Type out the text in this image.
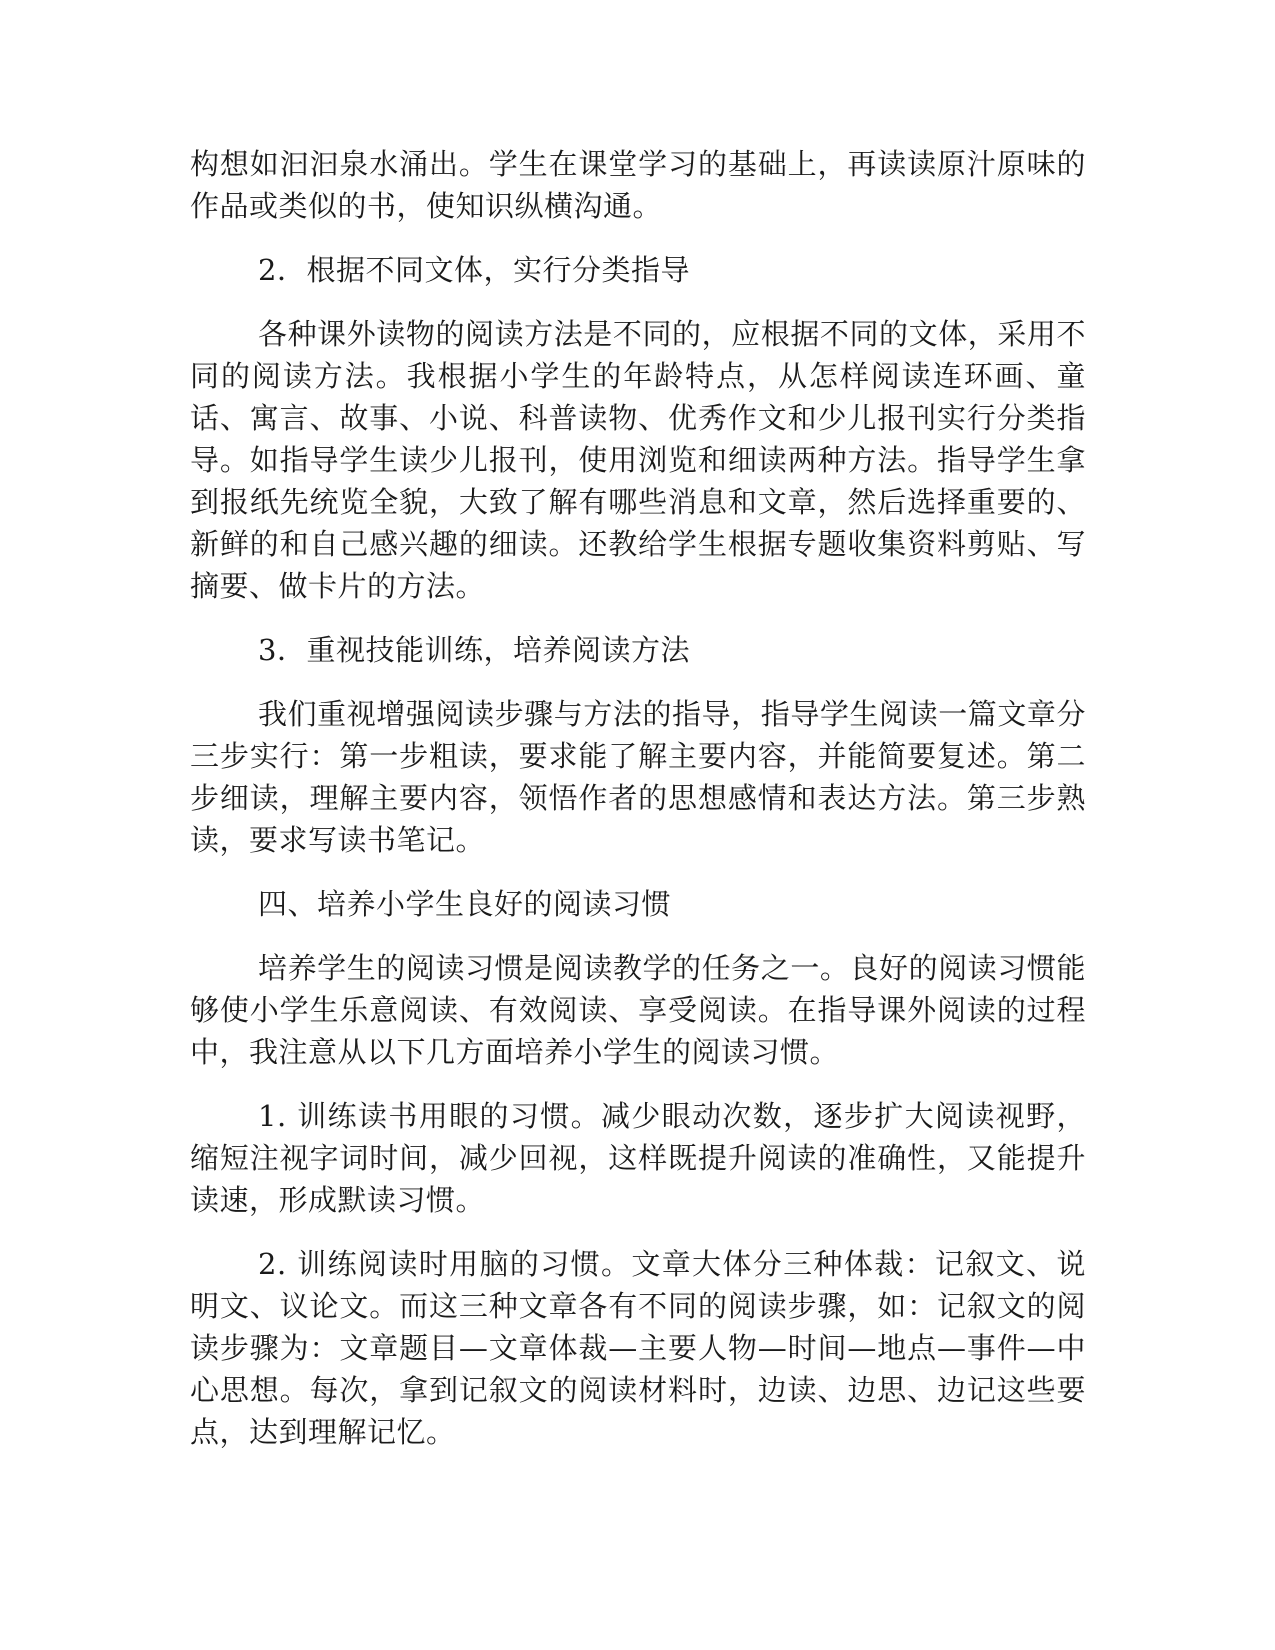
构想如汩汩泉水涌出。学生在课堂学习的基础上，再读读原汁原味的作品或类似的书，使知识纵横沟通。

2．根据不同文体，实行分类指导

各种课外读物的阅读方法是不同的，应根据不同的文体，采用不同的阅读方法。我根据小学生的年龄特点，从怎样阅读连环画、童话、寓言、故事、小说、科普读物、优秀作文和少儿报刊实行分类指导。如指导学生读少儿报刊，使用浏览和细读两种方法。指导学生拿到报纸先统览全貌，大致了解有哪些消息和文章，然后选择重要的、新鲜的和自己感兴趣的细读。还教给学生根据专题收集资料剪贴、写摘要、做卡片的方法。

3．重视技能训练，培养阅读方法

我们重视增强阅读步骤与方法的指导，指导学生阅读一篇文章分三步实行：第一步粗读，要求能了解主要内容，并能简要复述。第二步细读，理解主要内容，领悟作者的思想感情和表达方法。第三步熟读，要求写读书笔记。

四、培养小学生良好的阅读习惯

培养学生的阅读习惯是阅读教学的任务之一。良好的阅读习惯能够使小学生乐意阅读、有效阅读、享受阅读。在指导课外阅读的过程中，我注意从以下几方面培养小学生的阅读习惯。

1. 训练读书用眼的习惯。减少眼动次数，逐步扩大阅读视野，缩短注视字词时间，减少回视，这样既提升阅读的准确性，又能提升读速，形成默读习惯。

2. 训练阅读时用脑的习惯。文章大体分三种体裁：记叙文、说明文、议论文。而这三种文章各有不同的阅读步骤，如：记叙文的阅读步骤为：文章题目—文章体裁—主要人物—时间—地点—事件—中心思想。每次，拿到记叙文的阅读材料时，边读、边思、边记这些要点，达到理解记忆。
